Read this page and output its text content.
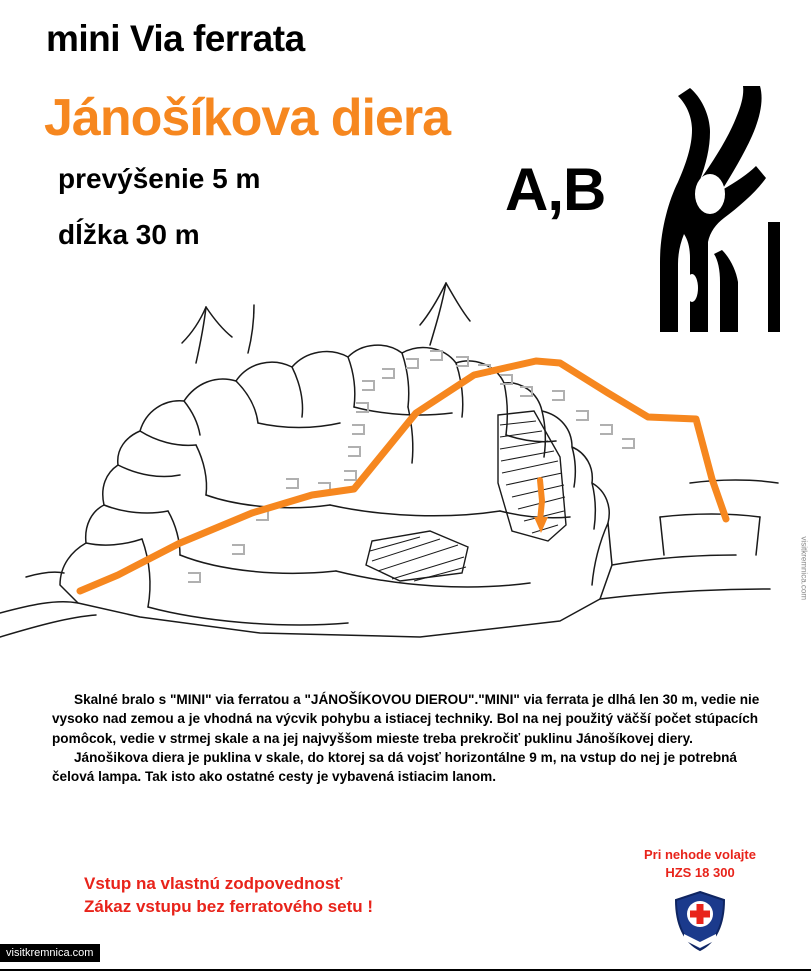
mini Via ferrata
Jánošíkova diera
prevýšenie 5 m
dĺžka 30 m
A,B

Skalné bralo s "MINI" via ferratou a "JÁNOŠÍKOVOU DIEROU"."MINI" via ferrata je dlhá len 30 m, vedie nie vysoko nad zemou a je vhodná na výcvik pohybu a istiacej techniky. Bol na nej použitý väčší počet stúpacích pomôcok, vedie v strmej skale a na jej najvyššom mieste treba prekročiť puklinu Jánošíkovej diery.

Jánošikova diera je puklina v skale, do ktorej sa dá vojsť horizontálne 9 m, na vstup do nej je potrebná čelová lampa. Tak isto ako ostatné cesty je vybavená istiacim lanom.

Vstup na vlastnú zodpovednosť
Zákaz vstupu bez ferratového setu !
Pri nehode volajte
HZS 18 300
visitkremnica.com
visitkremnica.com
